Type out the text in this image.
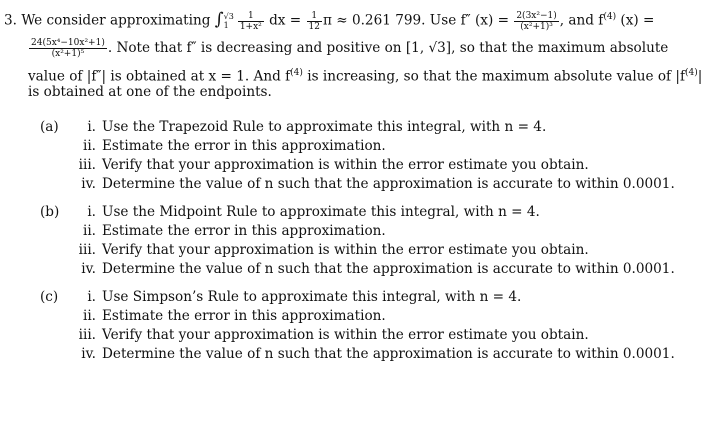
3. We consider approximating ∫ √3
1	$\frac{1}{\text{1+x²}}$ dx = $\frac{1}{12}$ π ≈ 0.261 799. Use f″ $(x) = \frac{\text{2(3x²−1)}}{\text{(x²+1)³}}$ , and $f^{(4)}$ (x) =
$\frac{\text{24(5x⁴−10x²+1)}}{\text{(x²+1)⁵}}$ . Note that f″ is decreasing and positive on [1, √3], so that the maximum absolute
value of |f″| is obtained at x = 1. And $f^{(4)}$ is increasing, so that the maximum absolute value of $|f^{(4)}|$
is obtained at one of the endpoints.
(a)	i. Use the Trapezoid Rule to approximate this integral, with n = 4.
ii. Estimate the error in this approximation.
iii. Verify that your approximation is within the error estimate you obtain.
iv. Determine the value of n such that the approximation is accurate to within 0.0001.
(b)	i. Use the Midpoint Rule to approximate this integral, with n = 4.
ii. Estimate the error in this approximation.
iii. Verify that your approximation is within the error estimate you obtain.
iv. Determine the value of n such that the approximation is accurate to within 0.0001.
(c)	i. Use Simpson’s Rule to approximate this integral, with n = 4.
ii. Estimate the error in this approximation.
iii. Verify that your approximation is within the error estimate you obtain.
iv. Determine the value of n such that the approximation is accurate to within 0.0001.
